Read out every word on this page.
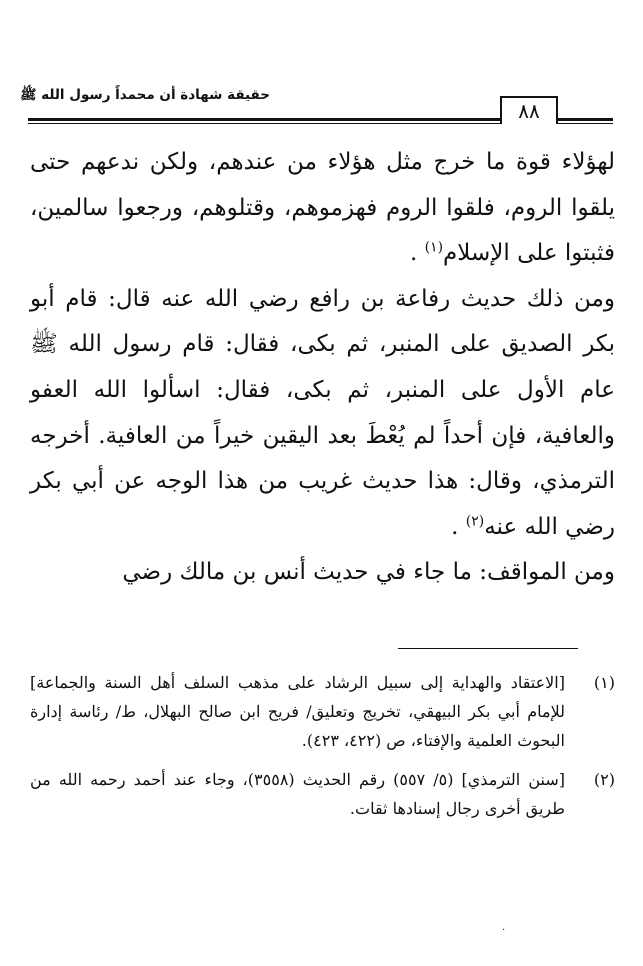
حقيقة شهادة أن محمداً رسول الله ﷺ
٨٨

لهؤلاء قوة ما خرج مثل هؤلاء من عندهم، ولكن ندعهم حتى يلقوا الروم، فلقوا الروم فهزموهم، وقتلوهم، ورجعوا سالمين، فثبتوا على الإسلام$^{(١)}$ .

ومن ذلك حديث رفاعة بن رافع رضي الله عنه قال: قام أبو بكر الصديق على المنبر، ثم بكى، فقال: قام رسول الله ﷺ عام الأول على المنبر، ثم بكى، فقال: اسألوا الله العفو والعافية، فإن أحداً لم يُعْطَ بعد اليقين خيراً من العافية. أخرجه الترمذي، وقال: هذا حديث غريب من هذا الوجه عن أبي بكر رضي الله عنه$^{(٢)}$ .

ومن المواقف: ما جاء في حديث أنس بن مالك رضي

(١)
[الاعتقاد والهداية إلى سبيل الرشاد على مذهب السلف أهل السنة والجماعة] للإمام أبي بكر البيهقي، تخريج وتعليق/ فريح ابن صالح البهلال، ط/ رئاسة إدارة البحوث العلمية والإفتاء، ص (٤٢٢، ٤٢٣).
(٢)
[سنن الترمذي] (٥/ ٥٥٧) رقم الحديث (٣٥٥٨)، وجاء عند أحمد رحمه الله من طريق أخرى رجال إسنادها ثقات.
.
